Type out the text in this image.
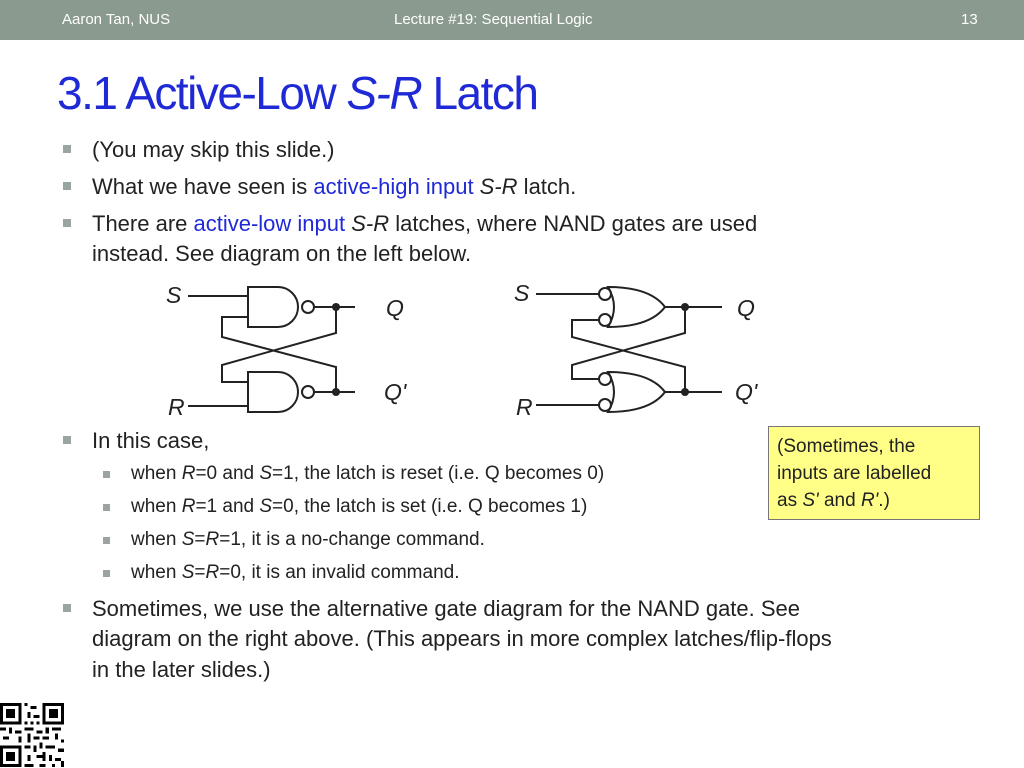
Aaron Tan, NUS	Lecture #19: Sequential Logic	13
3.1 Active-Low S-R Latch
(You may skip this slide.)
What we have seen is active-high input S-R latch.
There are active-low input S-R latches, where NAND gates are used
instead. See diagram on the left below.
S
R
Q
Q'
S
R
Q
Q'
In this case,
when R=0 and S=1, the latch is reset (i.e. Q becomes 0)
when R=1 and S=0, the latch is set (i.e. Q becomes 1)
when S=R=1, it is a no-change command.
when S=R=0, it is an invalid command.
Sometimes, we use the alternative gate diagram for the NAND gate. See
diagram on the right above. (This appears in more complex latches/flip-flops
in the later slides.)
(Sometimes, the
inputs are labelled
as S' and R'.)
